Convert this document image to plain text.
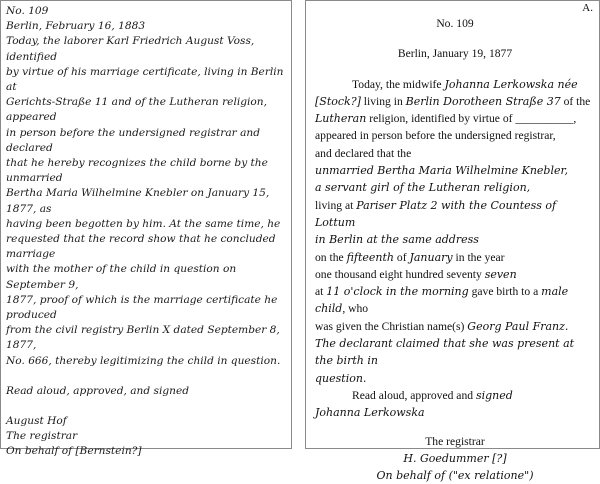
No. 109

Berlin, February 16, 1883

Today, the laborer Karl Friedrich August Voss, identified

by virtue of his marriage certificate, living in Berlin at

Gerichts-Straße 11 and of the Lutheran religion, appeared

in person before the undersigned registrar and declared

that he hereby recognizes the child borne by the unmarried

Bertha Maria Wilhelmine Knebler on January 15, 1877, as

having been begotten by him. At the same time, he

requested that the record show that he concluded marriage

with the mother of the child in question on September 9,

1877, proof of which is the marriage certificate he produced

from the civil registry Berlin X dated September 8, 1877,

No. 666, thereby legitimizing the child in question.

Read aloud, approved, and signed

August Hof

The registrar

On behalf of [Bernstein?]

A.

No. 109

Berlin, January 19, 1877

Today, the midwife Johanna Lerkowska née

[Stock?] living in Berlin Dorotheen Straße 37 of the

Lutheran religion, identified by virtue of __________,

appeared in person before the undersigned registrar,

and declared that the

unmarried Bertha Maria Wilhelmine Knebler,

a servant girl of the Lutheran religion,

living at Pariser Platz 2 with the Countess of Lottum

in Berlin at the same address

on the fifteenth of January in the year

one thousand eight hundred seventy seven

at 11 o'clock in the morning gave birth to a male child, who

was given the Christian name(s) Georg Paul Franz.

The declarant claimed that she was present at the birth in

question.

Read aloud, approved and signed

Johanna Lerkowska

The registrar

H. Goedummer [?]

On behalf of ("ex relatione")
